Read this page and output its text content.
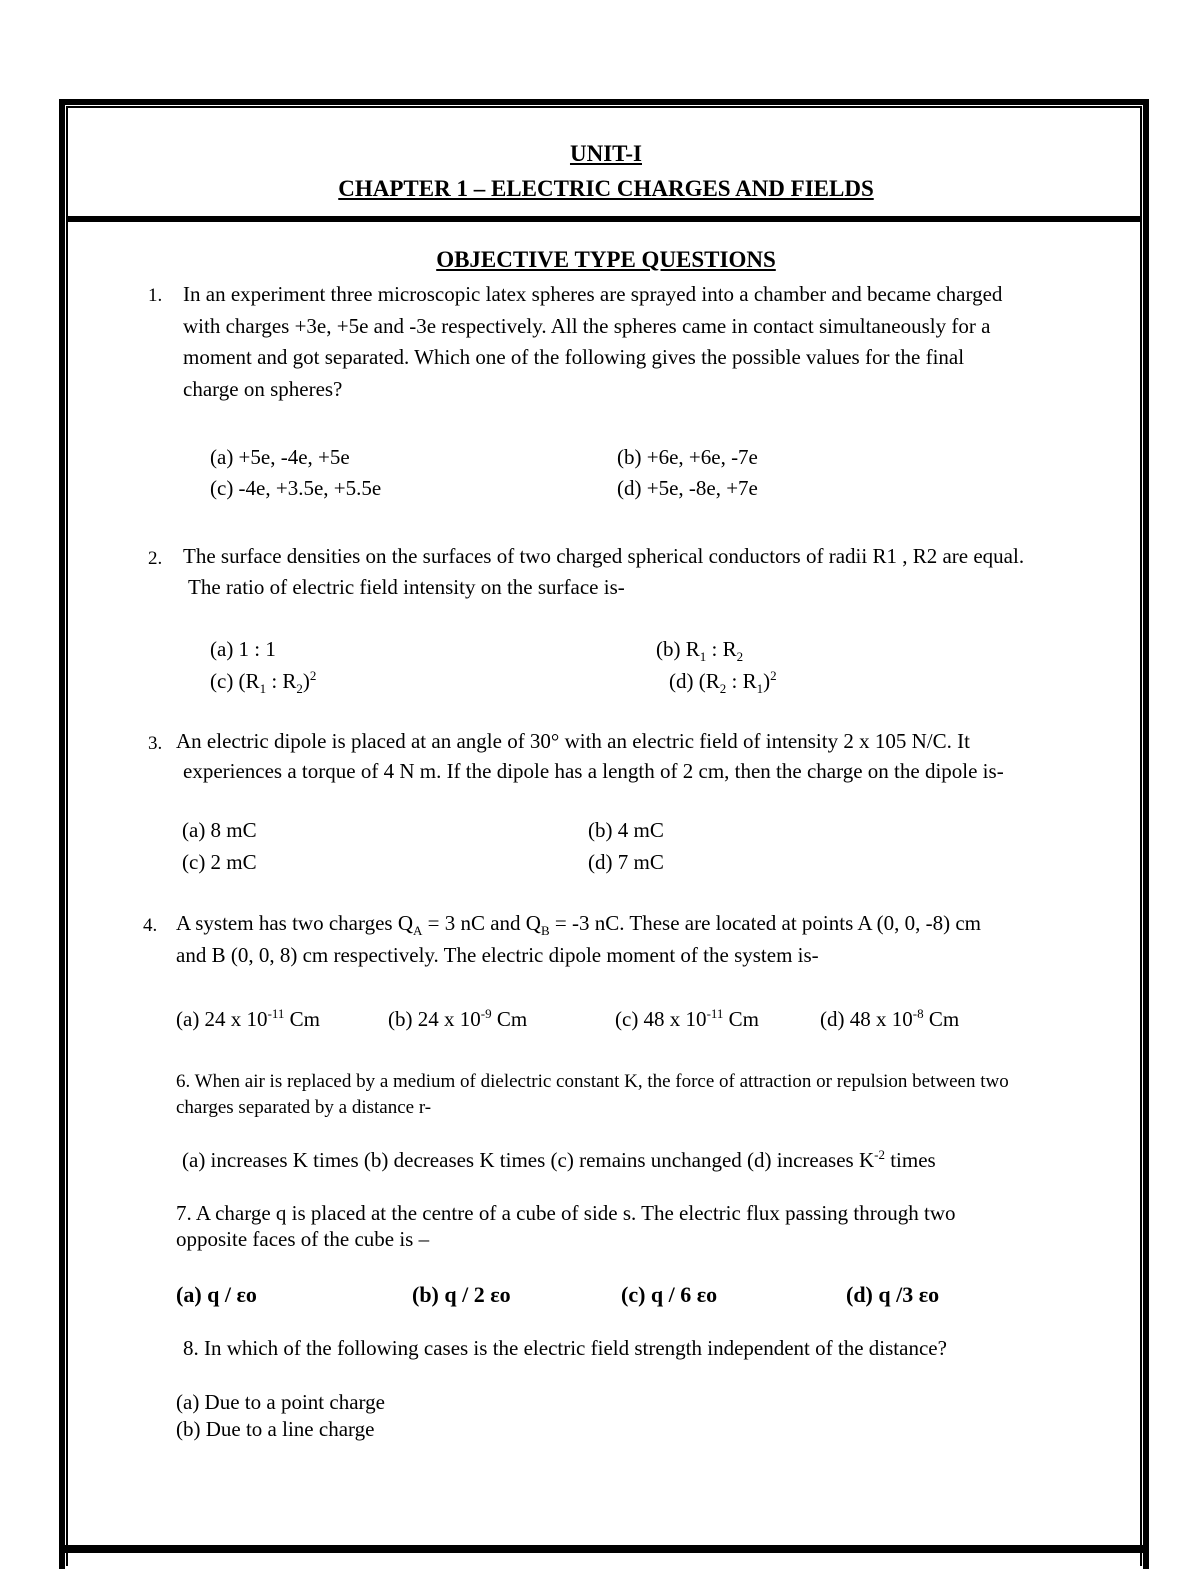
UNIT-I
CHAPTER 1 – ELECTRIC CHARGES AND FIELDS
OBJECTIVE TYPE QUESTIONS
1. In an experiment three microscopic latex spheres are sprayed into a chamber and became charged
with charges +3e, +5e and -3e respectively. All the spheres came in contact simultaneously for a
moment and got separated. Which one of the following gives the possible values for the final
charge on spheres?
(a) +5e, -4e, +5e	(b) +6e, +6e, -7e
(c) -4e, +3.5e, +5.5e	(d) +5e, -8e, +7e
2. The surface densities on the surfaces of two charged spherical conductors of radii R1 , R2 are equal.
The ratio of electric field intensity on the surface is-
(a) 1 : 1	(b) $R_1$ : $R_2$
(c) ($R_1$ : $R_2)^2$	(d) ($R_2$ : $R_1)^2$
3. An electric dipole is placed at an angle of 30° with an electric field of intensity 2 x 105 N/C. It
experiences a torque of 4 N m. If the dipole has a length of 2 cm, then the charge on the dipole is-
(a) 8 mC	(b) 4 mC
(c) 2 mC	(d) 7 mC
4. A system has two charges $Q_A = 3$ nC and $Q_B = -3$ nC. These are located at points A (0, 0, -8) cm
and B (0, 0, 8) cm respectively. The electric dipole moment of the system is-
(a) 24 x $10^{-11}$ Cm	(b) 24 x $10^{-9}$ Cm	(c) 48 x $10^{-11}$ Cm	(d) 48 x $10^{-8}$ Cm
6. When air is replaced by a medium of dielectric constant K, the force of attraction or repulsion between two
charges separated by a distance r-
(a) increases K times (b) decreases K times (c) remains unchanged (d) increases $K^{-2}$ times
7. A charge q is placed at the centre of a cube of side s. The electric flux passing through two
opposite faces of the cube is –
(a) q / εo	(b) q / 2 εo	(c) q / 6 εo	(d) q /3 εo
8. In which of the following cases is the electric field strength independent of the distance?
(a) Due to a point charge
(b) Due to a line charge
